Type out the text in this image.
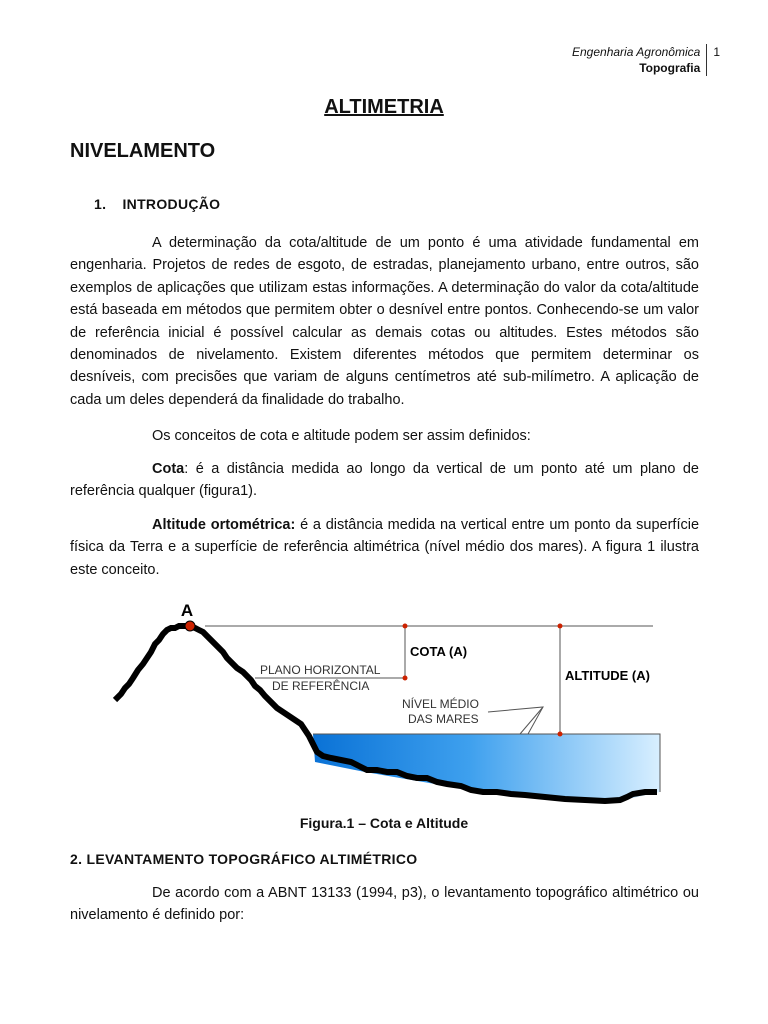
Engenharia Agronômica
Topografia
1
ALTIMETRIA
NIVELAMENTO
1. INTRODUÇÃO

A determinação da cota/altitude de um ponto é uma atividade fundamental em engenharia. Projetos de redes de esgoto, de estradas, planejamento urbano, entre outros, são exemplos de aplicações que utilizam estas informações. A determinação do valor da cota/altitude está baseada em métodos que permitem obter o desnível entre pontos. Conhecendo-se um valor de referência inicial é possível calcular as demais cotas ou altitudes. Estes métodos são denominados de nivelamento. Existem diferentes métodos que permitem determinar os desníveis, com precisões que variam de alguns centímetros até sub-milímetro. A aplicação de cada um deles dependerá da finalidade do trabalho.

Os conceitos de cota e altitude podem ser assim definidos:

Cota: é a distância medida ao longo da vertical de um ponto até um plano de referência qualquer (figura1).

Altitude ortométrica: é a distância medida na vertical entre um ponto da superfície física da Terra e a superfície de referência altimétrica (nível médio dos mares). A figura 1 ilustra este conceito.

A
COTA (A)
ALTITUDE (A)
PLANO HORIZONTAL
DE REFERÊNCIA
NÍVEL MÉDIO
DAS MARES
Figura.1 – Cota e Altitude
2. LEVANTAMENTO TOPOGRÁFICO ALTIMÉTRICO

De acordo com a ABNT 13133 (1994, p3), o levantamento topográfico altimétrico ou nivelamento é definido por:
